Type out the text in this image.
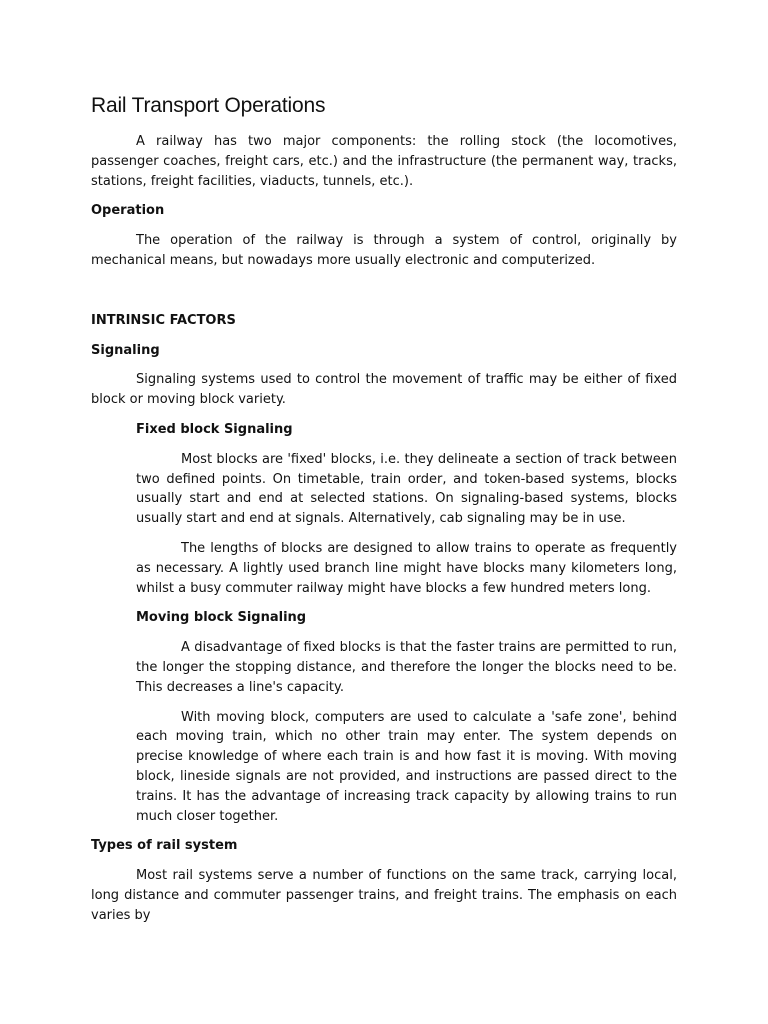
Rail Transport Operations

A railway has two major components: the rolling stock (the locomotives, passenger coaches, freight cars, etc.) and the infrastructure (the permanent way, tracks, stations, freight facilities, viaducts, tunnels, etc.).

Operation

The operation of the railway is through a system of control, originally by mechanical means, but nowadays more usually electronic and computerized.

INTRINSIC FACTORS
Signaling

Signaling systems used to control the movement of traffic may be either of fixed block or moving block variety.

Fixed block Signaling

Most blocks are 'fixed' blocks, i.e. they delineate a section of track between two defined points. On timetable, train order, and token-based systems, blocks usually start and end at selected stations. On signaling-based systems, blocks usually start and end at signals. Alternatively, cab signaling may be in use.

The lengths of blocks are designed to allow trains to operate as frequently as necessary. A lightly used branch line might have blocks many kilometers long, whilst a busy commuter railway might have blocks a few hundred meters long.

Moving block Signaling

A disadvantage of fixed blocks is that the faster trains are permitted to run, the longer the stopping distance, and therefore the longer the blocks need to be. This decreases a line's capacity.

With moving block, computers are used to calculate a 'safe zone', behind each moving train, which no other train may enter. The system depends on precise knowledge of where each train is and how fast it is moving. With moving block, lineside signals are not provided, and instructions are passed direct to the trains. It has the advantage of increasing track capacity by allowing trains to run much closer together.

Types of rail system

Most rail systems serve a number of functions on the same track, carrying local, long distance and commuter passenger trains, and freight trains. The emphasis on each varies by
